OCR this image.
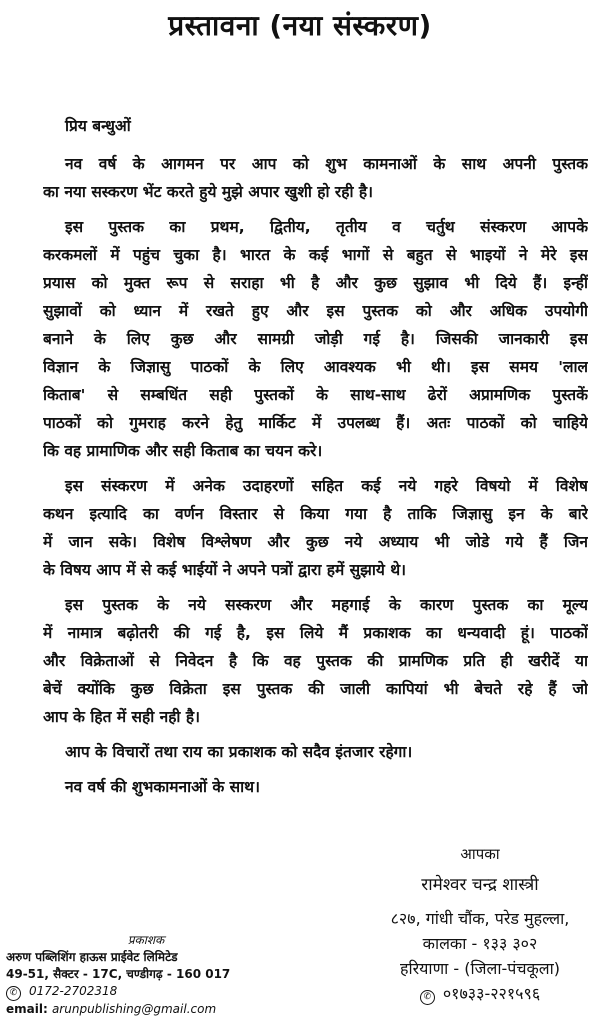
प्रस्तावना (नया संस्करण)
प्रिय बन्धुओं
नव वर्ष के आगमन पर आप को शुभ कामनाओं के साथ अपनी पुस्तक
का नया सस्करण भेंट करते हुये मुझे अपार खुशी हो रही है।
इस पुस्तक का प्रथम, द्वितीय, तृतीय व चर्तुथ संस्करण आपके
करकमलों में पहुंच चुका है। भारत के कई भागों से बहुत से भाइयों ने मेरे इस
प्रयास को मुक्त रूप से सराहा भी है और कुछ सुझाव भी दिये हैं। इन्हीं
सुझावों को ध्यान में रखते हुए और इस पुस्तक को और अधिक उपयोगी
बनाने के लिए कुछ और सामग्री जोड़ी गई है। जिसकी जानकारी इस
विज्ञान के जिज्ञासु पाठकों के लिए आवश्यक भी थी। इस समय 'लाल
किताब' से सम्बधिंत सही पुस्तकों के साथ-साथ ढेरों अप्रामणिक पुस्तकें
पाठकों को गुमराह करने हेतु मार्किट में उपलब्ध हैं। अतः पाठकों को चाहिये
कि वह प्रामाणिक और सही किताब का चयन करे।
इस संस्करण में अनेक उदाहरणों सहित कई नये गहरे विषयो में विशेष
कथन इत्यादि का वर्णन विस्तार से किया गया है ताकि जिज्ञासु इन के बारे
में जान सके। विशेष विश्लेषण और कुछ नये अध्याय भी जोडे गये हैं जिन
के विषय आप में से कई भाईयों ने अपने पत्रों द्वारा हमें सुझाये थे।
इस पुस्तक के नये सस्करण और महगाई के कारण पुस्तक का मूल्य
में नामात्र बढ़ोतरी की गई है, इस लिये मैं प्रकाशक का धन्यवादी हूं। पाठकों
और विक्रेताओं से निवेदन है कि वह पुस्तक की प्रामणिक प्रति ही खरीदें या
बेचें क्योंकि कुछ विक्रेता इस पुस्तक की जाली कापियां भी बेचते रहे हैं जो
आप के हित में सही नही है।
आप के विचारों तथा राय का प्रकाशक को सदैव इंतजार रहेगा।
नव वर्ष की शुभकामनाओं के साथ।
आपका
रामेश्वर चन्द्र शास्त्री
८२७, गांधी चौंक, परेड मुहल्ला,
कालका - १३३ ३०२
हरियाणा - (जिला-पंचकूला)
✆ ०१७३३-२२१५९६
प्रकाशक
अरुण पब्लिशिंग हाऊस प्राईवेट लिमिटेड
49-51, सैक्टर - 17C, चण्डीगढ़ - 160 017
✆ 0172-2702318
email: arunpublishing@gmail.com
